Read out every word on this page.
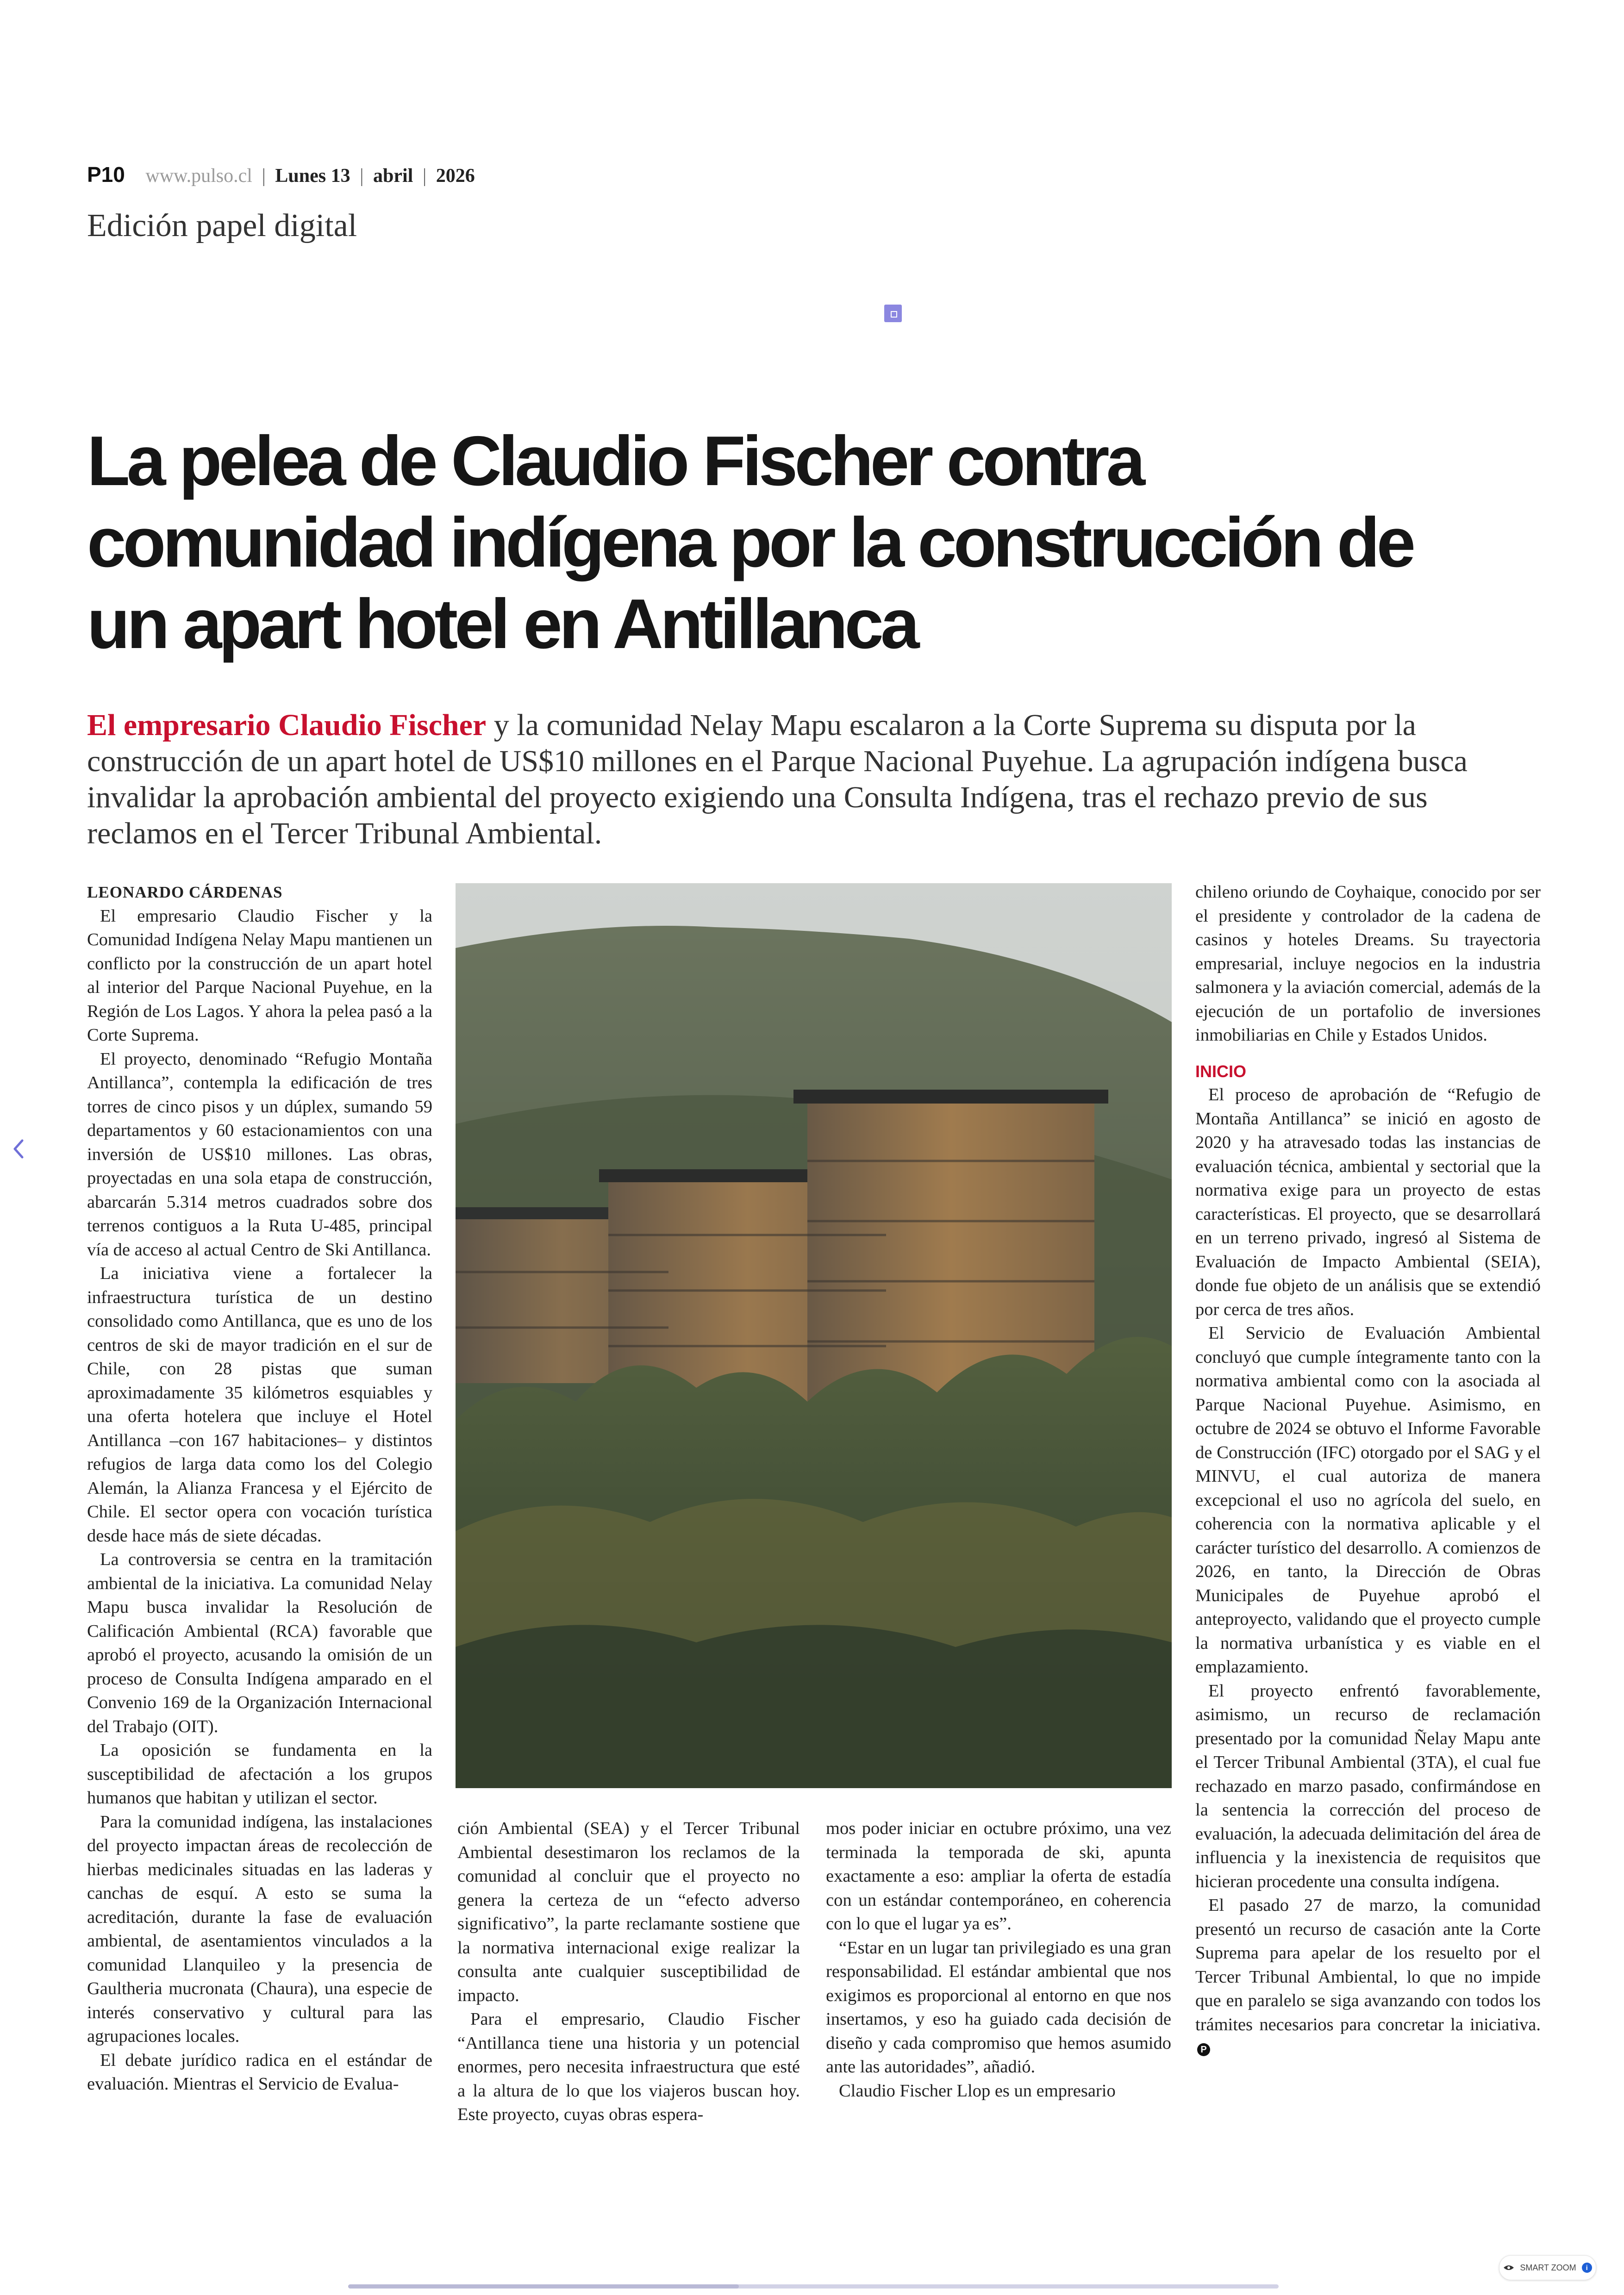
P10 www.pulso.cl | Lunes 13 | abril | 2026
Edición papel digital
La pelea de Claudio Fischer contra comunidad indígena por la construcción de un apart hotel en Antillanca
El empresario Claudio Fischer y la comunidad Nelay Mapu escalaron a la Corte Suprema su disputa por la construcción de un apart hotel de US$10 millones en el Parque Nacional Puyehue. La agrupación indígena busca invalidar la aprobación ambiental del proyecto exigiendo una Consulta Indígena, tras el rechazo previo de sus reclamos en el Tercer Tribunal Ambiental.

LEONARDO CÁRDENAS

El empresario Claudio Fischer y la Comunidad Indígena Nelay Mapu mantienen un conflicto por la construcción de un apart hotel al interior del Parque Nacional Puyehue, en la Región de Los Lagos. Y ahora la pelea pasó a la Corte Suprema.

El proyecto, denominado “Refugio Montaña Antillanca”, contempla la edificación de tres torres de cinco pisos y un dúplex, sumando 59 departamentos y 60 estacionamientos con una inversión de US$10 millones. Las obras, proyectadas en una sola etapa de construcción, abarcarán 5.314 metros cuadrados sobre dos terrenos contiguos a la Ruta U-485, principal vía de acceso al actual Centro de Ski Antillanca.

La iniciativa viene a fortalecer la infraestructura turística de un destino consolidado como Antillanca, que es uno de los centros de ski de mayor tradición en el sur de Chile, con 28 pistas que suman aproximadamente 35 kilómetros esquiables y una oferta hotelera que incluye el Hotel Antillanca –con 167 habitaciones– y distintos refugios de larga data como los del Colegio Alemán, la Alianza Francesa y el Ejército de Chile. El sector opera con vocación turística desde hace más de siete décadas.

La controversia se centra en la tramitación ambiental de la iniciativa. La comunidad Nelay Mapu busca invalidar la Resolución de Calificación Ambiental (RCA) favorable que aprobó el proyecto, acusando la omisión de un proceso de Consulta Indígena amparado en el Convenio 169 de la Organización Internacional del Trabajo (OIT).

La oposición se fundamenta en la susceptibilidad de afectación a los grupos humanos que habitan y utilizan el sector.

Para la comunidad indígena, las instalaciones del proyecto impactan áreas de recolección de hierbas medicinales situadas en las laderas y canchas de esquí. A esto se suma la acreditación, durante la fase de evaluación ambiental, de asentamientos vinculados a la comunidad Llanquileo y la presencia de Gaultheria mucronata (Chaura), una especie de interés conservativo y cultural para las agrupaciones locales.

El debate jurídico radica en el estándar de evaluación. Mientras el Servicio de Evalua-

ción Ambiental (SEA) y el Tercer Tribunal Ambiental desestimaron los reclamos de la comunidad al concluir que el proyecto no genera la certeza de un “efecto adverso significativo”, la parte reclamante sostiene que la normativa internacional exige realizar la consulta ante cualquier susceptibilidad de impacto.

Para el empresario, Claudio Fischer “Antillanca tiene una historia y un potencial enormes, pero necesita infraestructura que esté a la altura de lo que los viajeros buscan hoy. Este proyecto, cuyas obras espera-

mos poder iniciar en octubre próximo, una vez terminada la temporada de ski, apunta exactamente a eso: ampliar la oferta de estadía con un estándar contemporáneo, en coherencia con lo que el lugar ya es”.

“Estar en un lugar tan privilegiado es una gran responsabilidad. El estándar ambiental que nos exigimos es proporcional al entorno en que nos insertamos, y eso ha guiado cada decisión de diseño y cada compromiso que hemos asumido ante las autoridades”, añadió.

Claudio Fischer Llop es un empresario

chileno oriundo de Coyhaique, conocido por ser el presidente y controlador de la cadena de casinos y hoteles Dreams. Su trayectoria empresarial, incluye negocios en la industria salmonera y la aviación comercial, además de la ejecución de un portafolio de inversiones inmobiliarias en Chile y Estados Unidos.

INICIO

El proceso de aprobación de “Refugio de Montaña Antillanca” se inició en agosto de 2020 y ha atravesado todas las instancias de evaluación técnica, ambiental y sectorial que la normativa exige para un proyecto de estas características. El proyecto, que se desarrollará en un terreno privado, ingresó al Sistema de Evaluación de Impacto Ambiental (SEIA), donde fue objeto de un análisis que se extendió por cerca de tres años.

El Servicio de Evaluación Ambiental concluyó que cumple íntegramente tanto con la normativa ambiental como con la asociada al Parque Nacional Puyehue. Asimismo, en octubre de 2024 se obtuvo el Informe Favorable de Construcción (IFC) otorgado por el SAG y el MINVU, el cual autoriza de manera excepcional el uso no agrícola del suelo, en coherencia con la normativa aplicable y el carácter turístico del desarrollo. A comienzos de 2026, en tanto, la Dirección de Obras Municipales de Puyehue aprobó el anteproyecto, validando que el proyecto cumple la normativa urbanística y es viable en el emplazamiento.

El proyecto enfrentó favorablemente, asimismo, un recurso de reclamación presentado por la comunidad Ñelay Mapu ante el Tercer Tribunal Ambiental (3TA), el cual fue rechazado en marzo pasado, confirmándose en la sentencia la corrección del proceso de evaluación, la adecuada delimitación del área de influencia y la inexistencia de requisitos que hicieran procedente una consulta indígena.

El pasado 27 de marzo, la comunidad presentó un recurso de casación ante la Corte Suprema para apelar de los resuelto por el Tercer Tribunal Ambiental, lo que no impide que en paralelo se siga avanzando con todos los trámites necesarios para concretar la iniciativa.P

SMART ZOOM	i
